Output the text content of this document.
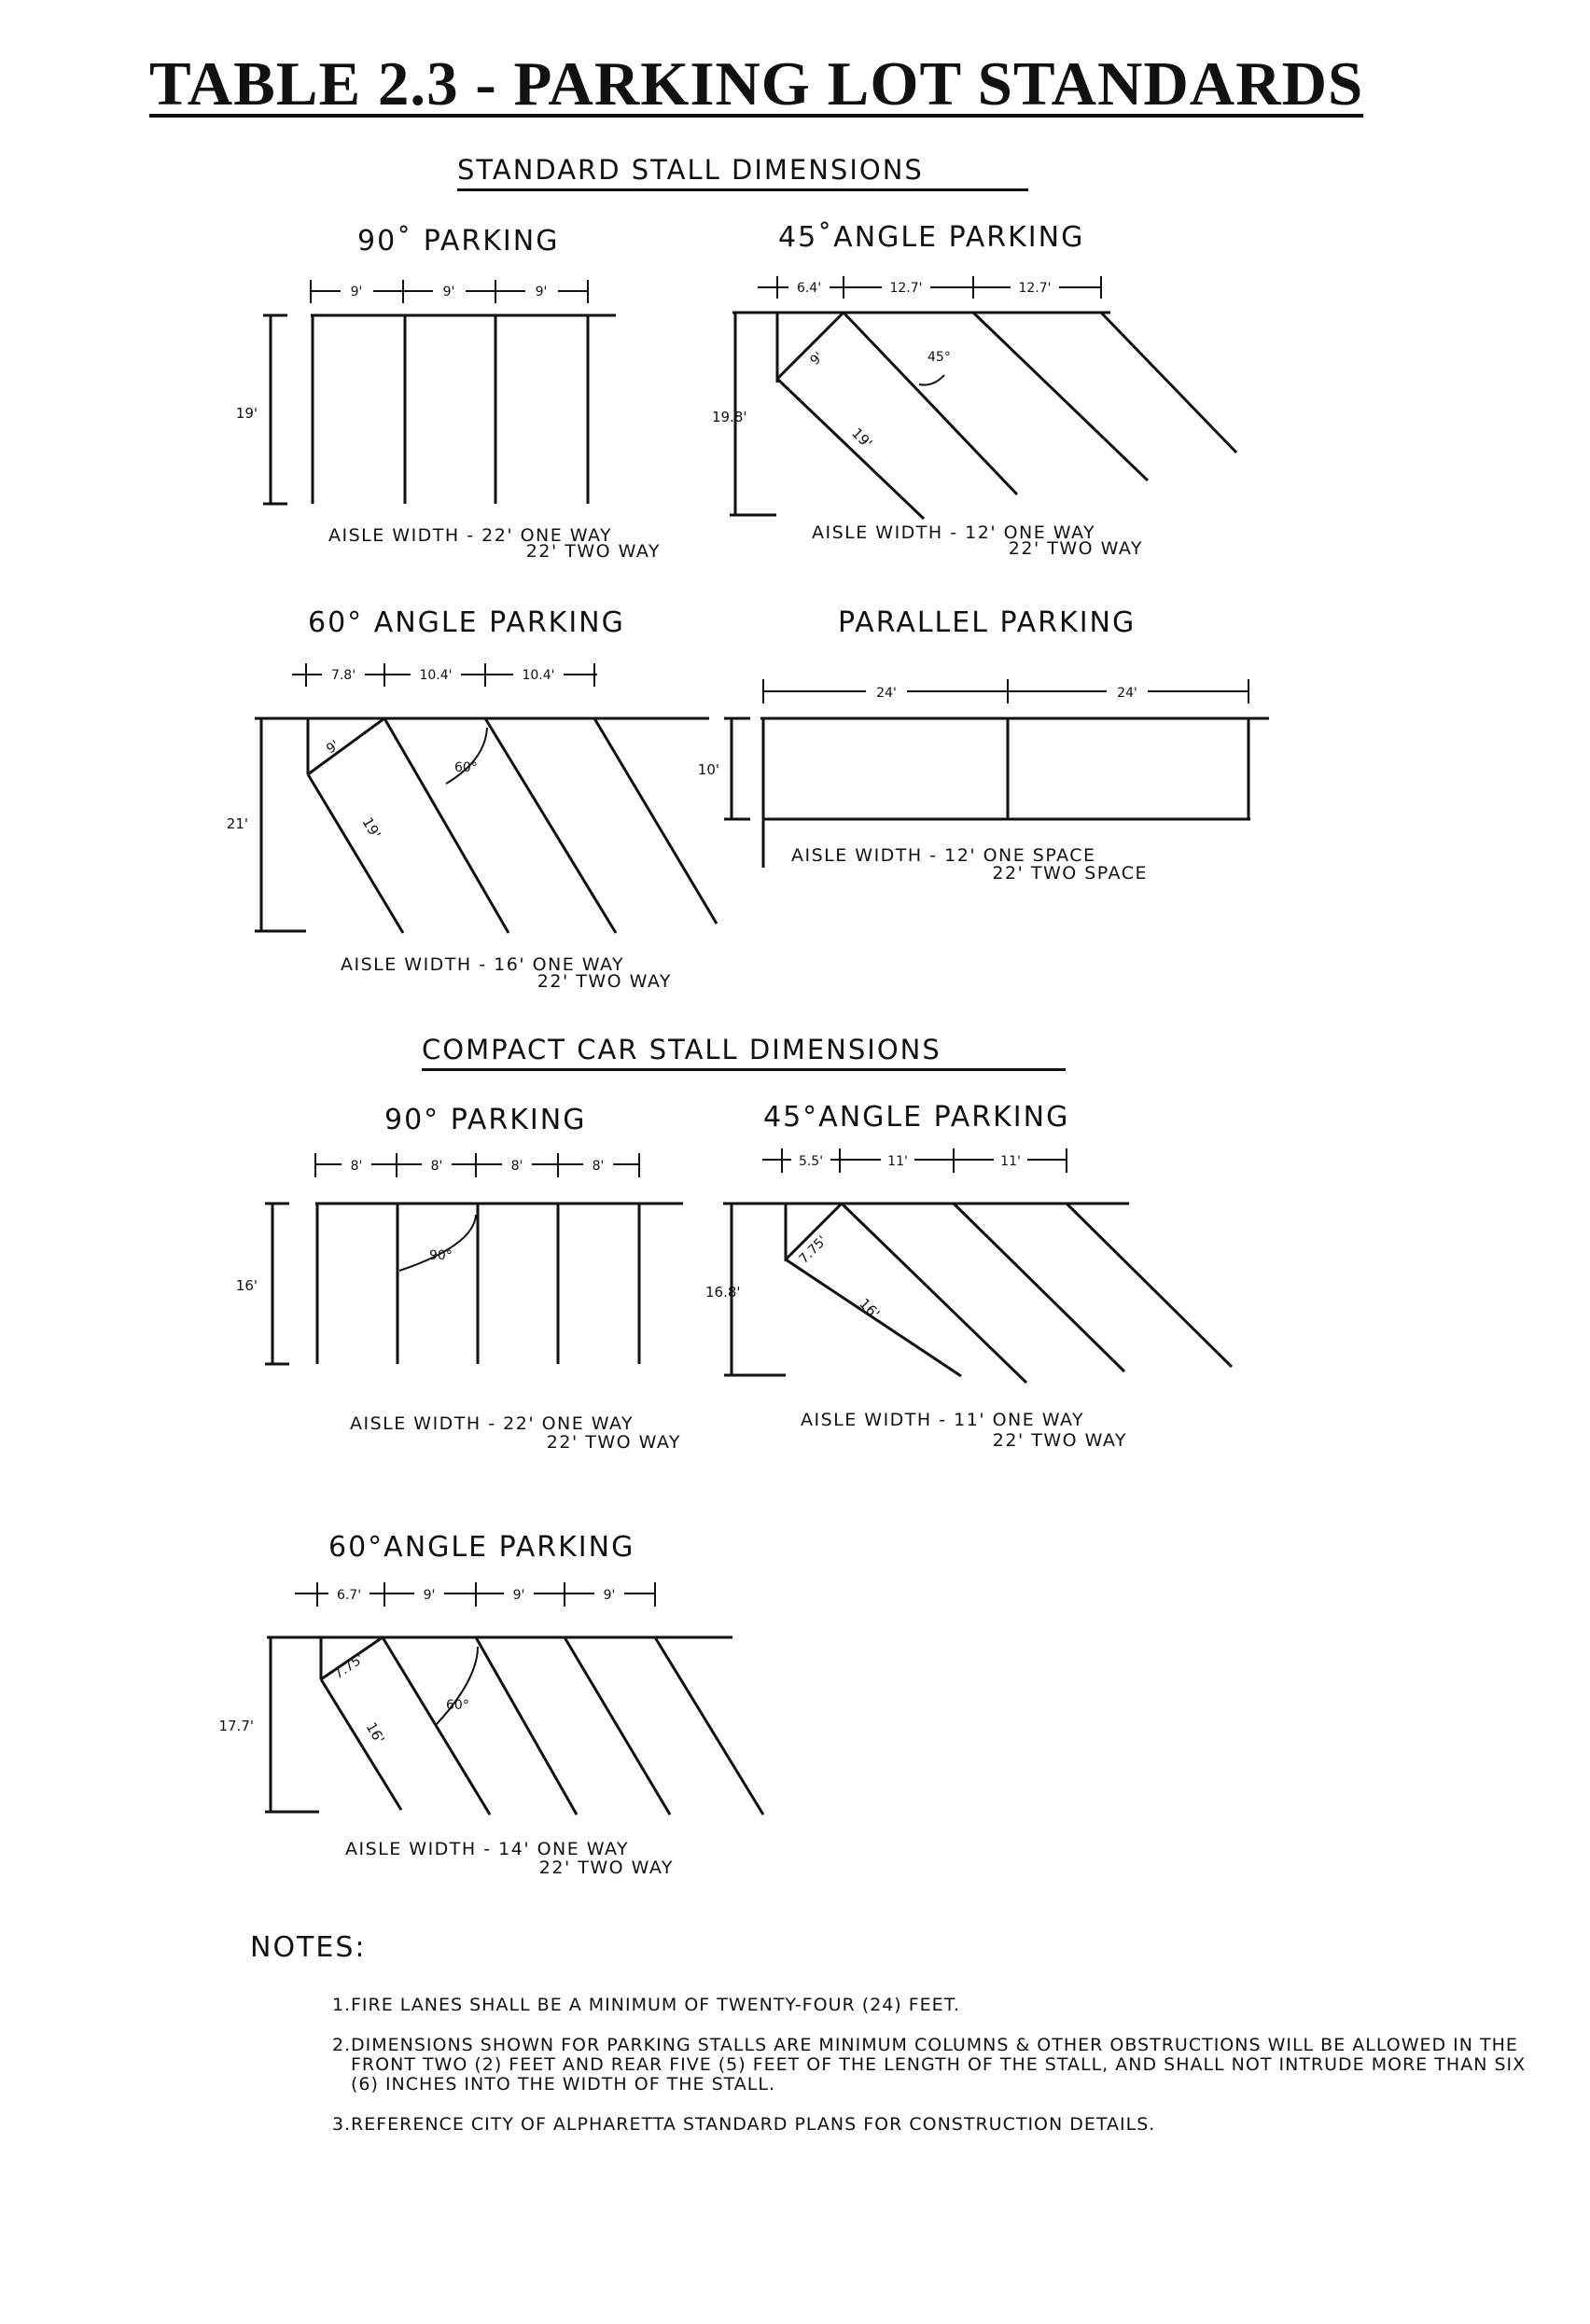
TABLE 2.3 - PARKING LOT STANDARDS
STANDARD STALL DIMENSIONS
COMPACT CAR STALL DIMENSIONS
90˚ PARKING
9'	9'	9'
19'
AISLE WIDTH - 22' ONE WAY
22' TWO WAY
45˚ANGLE PARKING
6.4'	12.7'	12.7'
45°
9'
19'
19.8'
AISLE WIDTH - 12' ONE WAY
22' TWO WAY
60° ANGLE PARKING
7.8'	10.4'	10.4'
60°
9'
19'
21'
AISLE WIDTH - 16' ONE WAY
22' TWO WAY
PARALLEL PARKING
24'	24'
10'
AISLE WIDTH - 12' ONE SPACE
22' TWO SPACE
90° PARKING
8'	8'	8'	8'
90°
16'
AISLE WIDTH - 22' ONE WAY
22' TWO WAY
45°ANGLE PARKING
5.5'	11'	11'
7.75'
16'
16.8'
AISLE WIDTH - 11' ONE WAY
22' TWO WAY
60°ANGLE PARKING
6.7'	9'	9'	9'
60°
7.75'
16'
17.7'
AISLE WIDTH - 14' ONE WAY
22' TWO WAY
NOTES:
1. FIRE LANES SHALL BE A MINIMUM OF TWENTY-FOUR (24) FEET.
2. DIMENSIONS SHOWN FOR PARKING STALLS ARE MINIMUM COLUMNS & OTHER OBSTRUCTIONS WILL BE ALLOWED IN THE FRONT TWO (2) FEET AND REAR FIVE (5) FEET OF THE LENGTH OF THE STALL, AND SHALL NOT INTRUDE MORE THAN SIX (6) INCHES INTO THE WIDTH OF THE STALL.
3. REFERENCE CITY OF ALPHARETTA STANDARD PLANS FOR CONSTRUCTION DETAILS.
